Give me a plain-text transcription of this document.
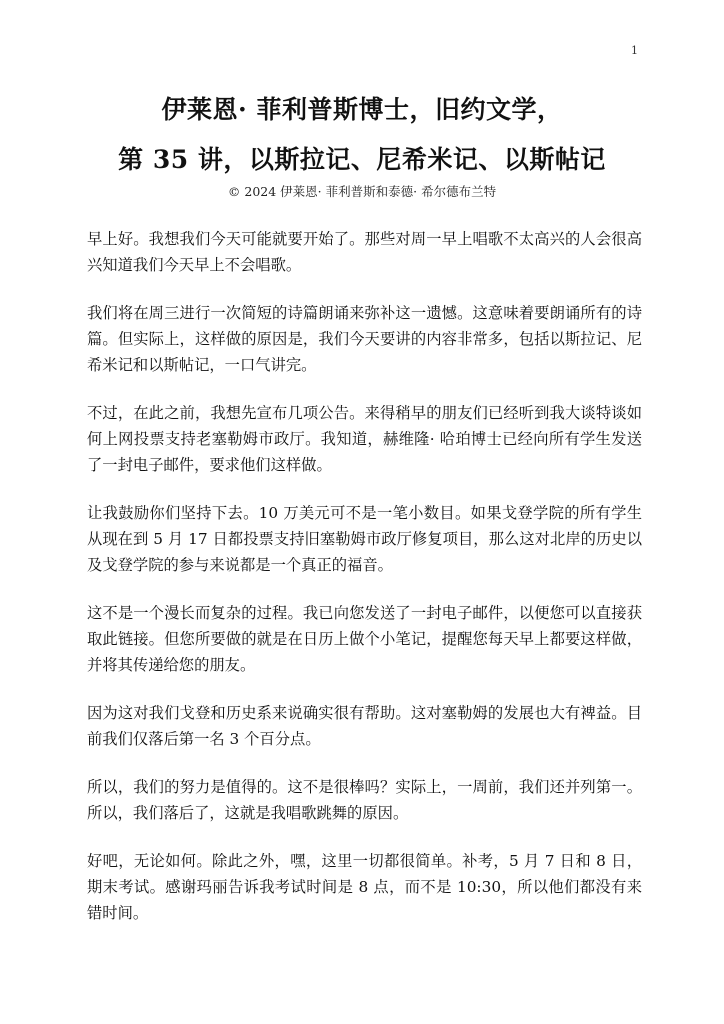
1
伊莱恩· 菲利普斯博士，旧约文学，
第 35 讲，以斯拉记、尼希米记、以斯帖记
© 2024 伊莱恩· 菲利普斯和泰德· 希尔德布兰特

早上好。我想我们今天可能就要开始了。那些对周一早上唱歌不太高兴的人会很高兴知道我们今天早上不会唱歌。

我们将在周三进行一次简短的诗篇朗诵来弥补这一遗憾。这意味着要朗诵所有的诗篇。但实际上，这样做的原因是，我们今天要讲的内容非常多，包括以斯拉记、尼希米记和以斯帖记，一口气讲完。

不过，在此之前，我想先宣布几项公告。来得稍早的朋友们已经听到我大谈特谈如何上网投票支持老塞勒姆市政厅。我知道，赫维隆· 哈珀博士已经向所有学生发送了一封电子邮件，要求他们这样做。

让我鼓励你们坚持下去。10 万美元可不是一笔小数目。如果戈登学院的所有学生从现在到 5 月 17 日都投票支持旧塞勒姆市政厅修复项目，那么这对北岸的历史以及戈登学院的参与来说都是一个真正的福音。

这不是一个漫长而复杂的过程。我已向您发送了一封电子邮件，以便您可以直接获取此链接。但您所要做的就是在日历上做个小笔记，提醒您每天早上都要这样做，并将其传递给您的朋友。

因为这对我们戈登和历史系来说确实很有帮助。这对塞勒姆的发展也大有裨益。目前我们仅落后第一名 3 个百分点。

所以，我们的努力是值得的。这不是很棒吗？实际上，一周前，我们还并列第一。所以，我们落后了，这就是我唱歌跳舞的原因。

好吧，无论如何。除此之外，嘿，这里一切都很简单。补考，5 月 7 日和 8 日，期末考试。感谢玛丽告诉我考试时间是 8 点，而不是 10:30，所以他们都没有来错时间。
